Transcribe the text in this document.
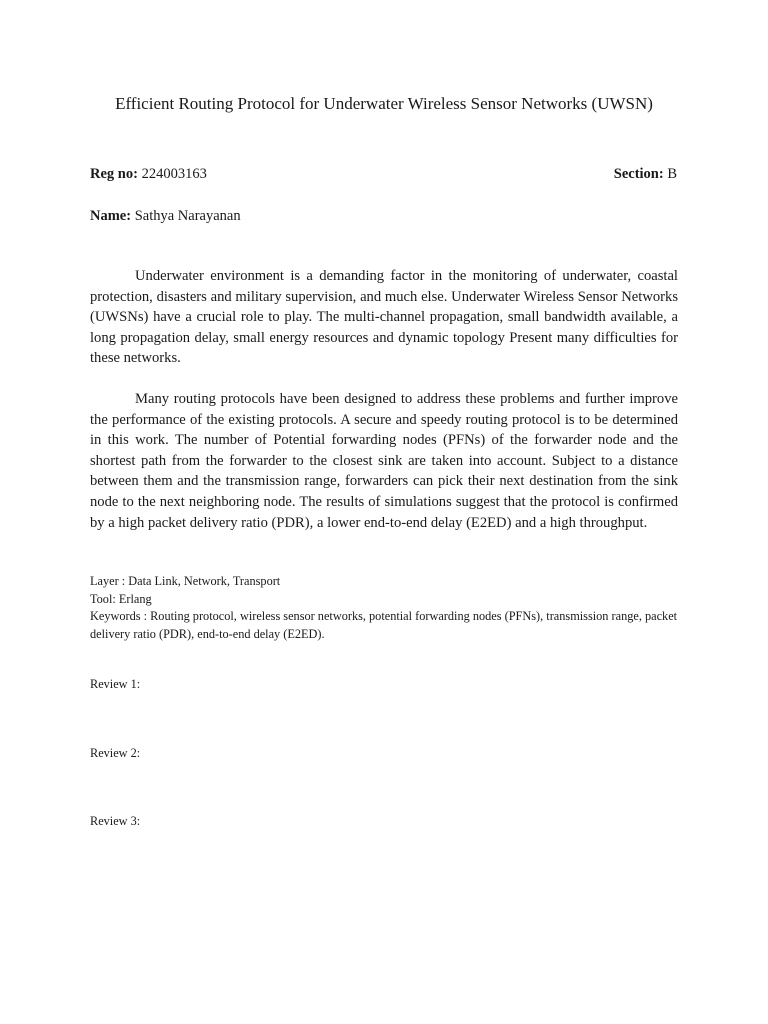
Efficient Routing Protocol for Underwater Wireless Sensor Networks (UWSN)
Reg no: 224003163	Section: B
Name: Sathya Narayanan

Underwater environment is a demanding factor in the monitoring of underwater, coastal protection, disasters and military supervision, and much else. Underwater Wireless Sensor Networks (UWSNs) have a crucial role to play. The multi-channel propagation, small bandwidth available, a long propagation delay, small energy resources and dynamic topology Present many difficulties for these networks.

Many routing protocols have been designed to address these problems and further improve the performance of the existing protocols. A secure and speedy routing protocol is to be determined in this work. The number of Potential forwarding nodes (PFNs) of the forwarder node and the shortest path from the forwarder to the closest sink are taken into account. Subject to a distance between them and the transmission range, forwarders can pick their next destination from the sink node to the next neighboring node. The results of simulations suggest that the protocol is confirmed by a high packet delivery ratio (PDR), a lower end-to-end delay (E2ED) and a high throughput.

Layer : Data Link, Network, Transport
Tool: Erlang
Keywords : Routing protocol, wireless sensor networks, potential forwarding nodes (PFNs), transmission range, packet delivery ratio (PDR), end-to-end delay (E2ED).
Review 1:
Review 2:
Review 3:
